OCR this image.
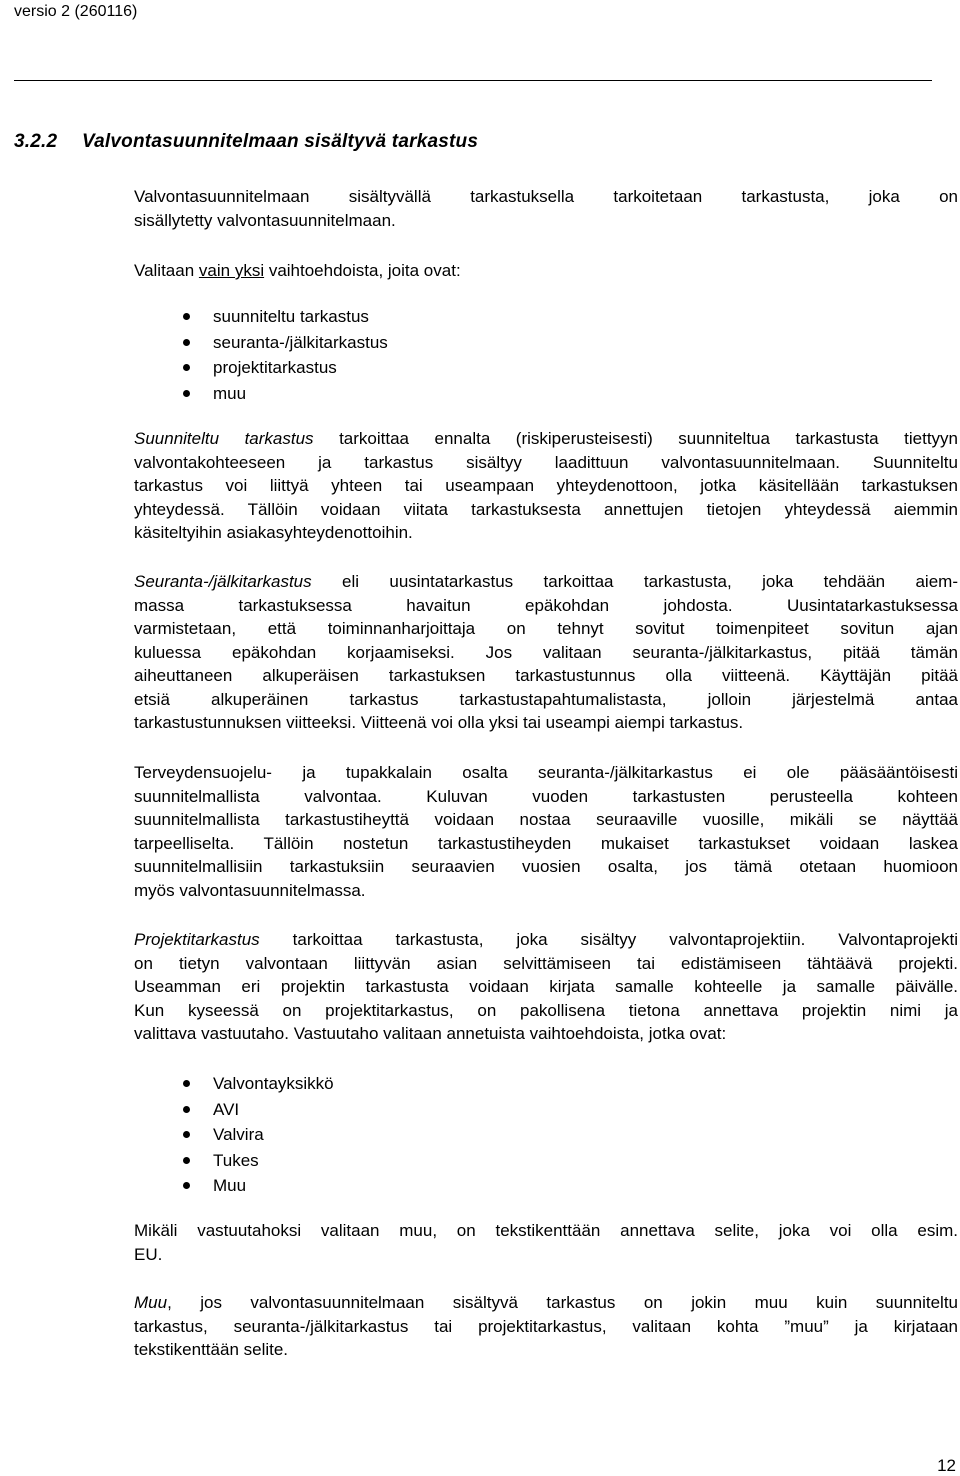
versio 2 (260116)
3.2.2 Valvontasuunnitelmaan sisältyvä tarkastus
Valvontasuunnitelmaan sisältyvällä tarkastuksella tarkoitetaan tarkastusta, joka on
sisällytetty valvontasuunnitelmaan.
Valitaan vain yksi vaihtoehdoista, joita ovat:
suunniteltu tarkastus
seuranta-/jälkitarkastus
projektitarkastus
muu
Suunniteltu tarkastus tarkoittaa ennalta (riskiperusteisesti) suunniteltua tarkastusta tiettyyn
valvontakohteeseen ja tarkastus sisältyy laadittuun valvontasuunnitelmaan. Suunniteltu
tarkastus voi liittyä yhteen tai useampaan yhteydenottoon, jotka käsitellään tarkastuksen
yhteydessä. Tällöin voidaan viitata tarkastuksesta annettujen tietojen yhteydessä aiemmin
käsiteltyihin asiakasyhteydenottoihin.
Seuranta-/jälkitarkastus eli uusintatarkastus tarkoittaa tarkastusta, joka tehdään aiem-
massa tarkastuksessa havaitun epäkohdan johdosta. Uusintatarkastuksessa
varmistetaan, että toiminnanharjoittaja on tehnyt sovitut toimenpiteet sovitun ajan
kuluessa epäkohdan korjaamiseksi. Jos valitaan seuranta-/jälkitarkastus, pitää tämän
aiheuttaneen alkuperäisen tarkastuksen tarkastustunnus olla viitteenä. Käyttäjän pitää
etsiä alkuperäinen tarkastus tarkastustapahtumalistasta, jolloin järjestelmä antaa
tarkastustunnuksen viitteeksi. Viitteenä voi olla yksi tai useampi aiempi tarkastus.
Terveydensuojelu- ja tupakkalain osalta seuranta-/jälkitarkastus ei ole pääsääntöisesti
suunnitelmallista valvontaa. Kuluvan vuoden tarkastusten perusteella kohteen
suunnitelmallista tarkastustiheyttä voidaan nostaa seuraaville vuosille, mikäli se näyttää
tarpeelliselta. Tällöin nostetun tarkastustiheyden mukaiset tarkastukset voidaan laskea
suunnitelmallisiin tarkastuksiin seuraavien vuosien osalta, jos tämä otetaan huomioon
myös valvontasuunnitelmassa.
Projektitarkastus tarkoittaa tarkastusta, joka sisältyy valvontaprojektiin. Valvontaprojekti
on tietyn valvontaan liittyvän asian selvittämiseen tai edistämiseen tähtäävä projekti.
Useamman eri projektin tarkastusta voidaan kirjata samalle kohteelle ja samalle päivälle.
Kun kyseessä on projektitarkastus, on pakollisena tietona annettava projektin nimi ja
valittava vastuutaho. Vastuutaho valitaan annetuista vaihtoehdoista, jotka ovat:
Valvontayksikkö
AVI
Valvira
Tukes
Muu
Mikäli vastuutahoksi valitaan muu, on tekstikenttään annettava selite, joka voi olla esim.
EU.
Muu, jos valvontasuunnitelmaan sisältyvä tarkastus on jokin muu kuin suunniteltu
tarkastus, seuranta-/jälkitarkastus tai projektitarkastus, valitaan kohta ”muu” ja kirjataan
tekstikenttään selite.
12
